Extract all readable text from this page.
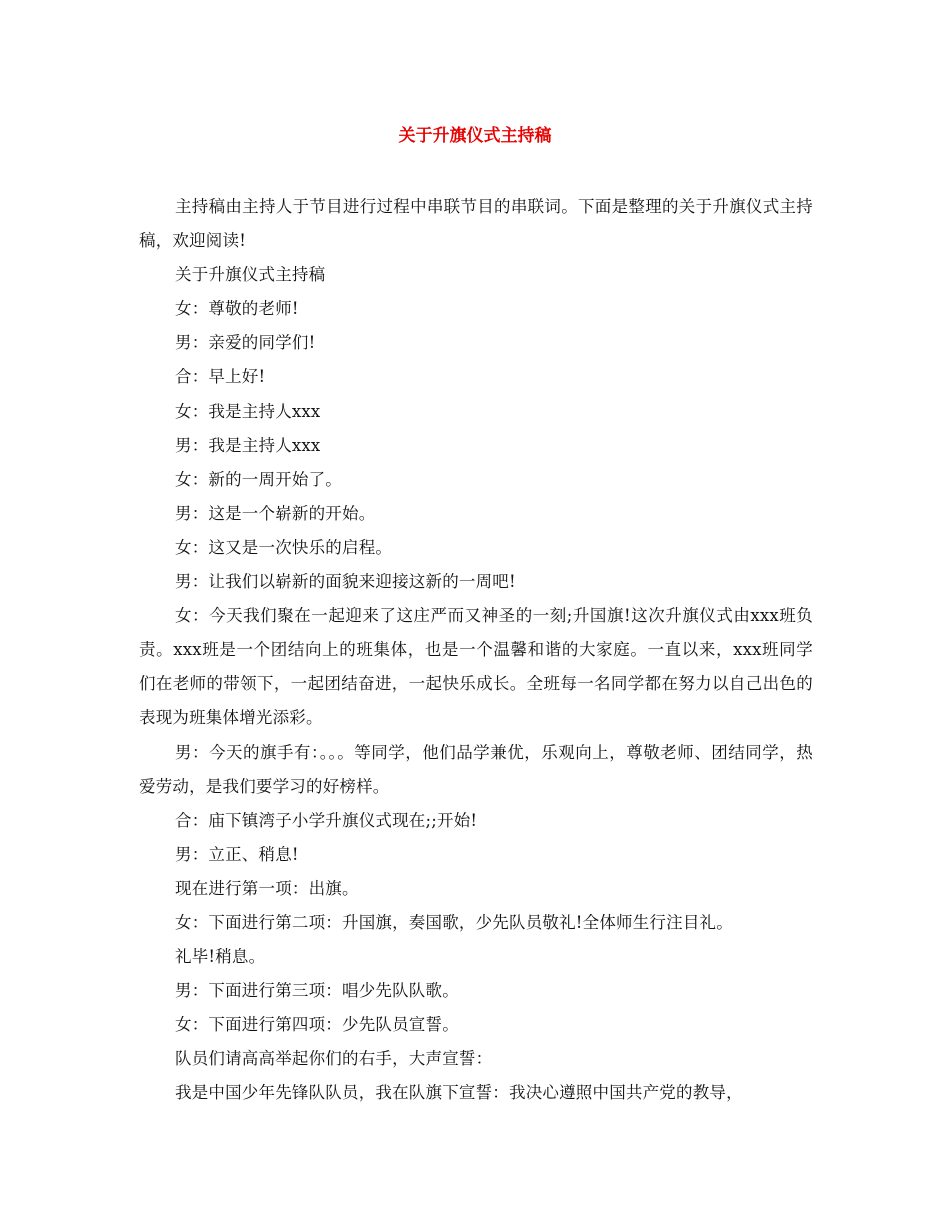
关于升旗仪式主持稿

主持稿由主持人于节目进行过程中串联节目的串联词。下面是整理的关于升旗仪式主持稿，欢迎阅读!

关于升旗仪式主持稿

女：尊敬的老师!

男：亲爱的同学们!

合：早上好!

女：我是主持人xxx

男：我是主持人xxx

女：新的一周开始了。

男：这是一个崭新的开始。

女：这又是一次快乐的启程。

男：让我们以崭新的面貌来迎接这新的一周吧!

女：今天我们聚在一起迎来了这庄严而又神圣的一刻;升国旗!这次升旗仪式由xxx班负责。xxx班是一个团结向上的班集体，也是一个温馨和谐的大家庭。一直以来，xxx班同学们在老师的带领下，一起团结奋进，一起快乐成长。全班每一名同学都在努力以自己出色的表现为班集体增光添彩。

男：今天的旗手有：。。。等同学，他们品学兼优，乐观向上，尊敬老师、团结同学，热爱劳动，是我们要学习的好榜样。

合：庙下镇湾子小学升旗仪式现在;;开始!

男：立正、稍息!

现在进行第一项：出旗。

女：下面进行第二项：升国旗，奏国歌，少先队员敬礼!全体师生行注目礼。

礼毕!稍息。

男：下面进行第三项：唱少先队队歌。

女：下面进行第四项：少先队员宣誓。

队员们请高高举起你们的右手，大声宣誓：

我是中国少年先锋队队员，我在队旗下宣誓：我决心遵照中国共产党的教导，
